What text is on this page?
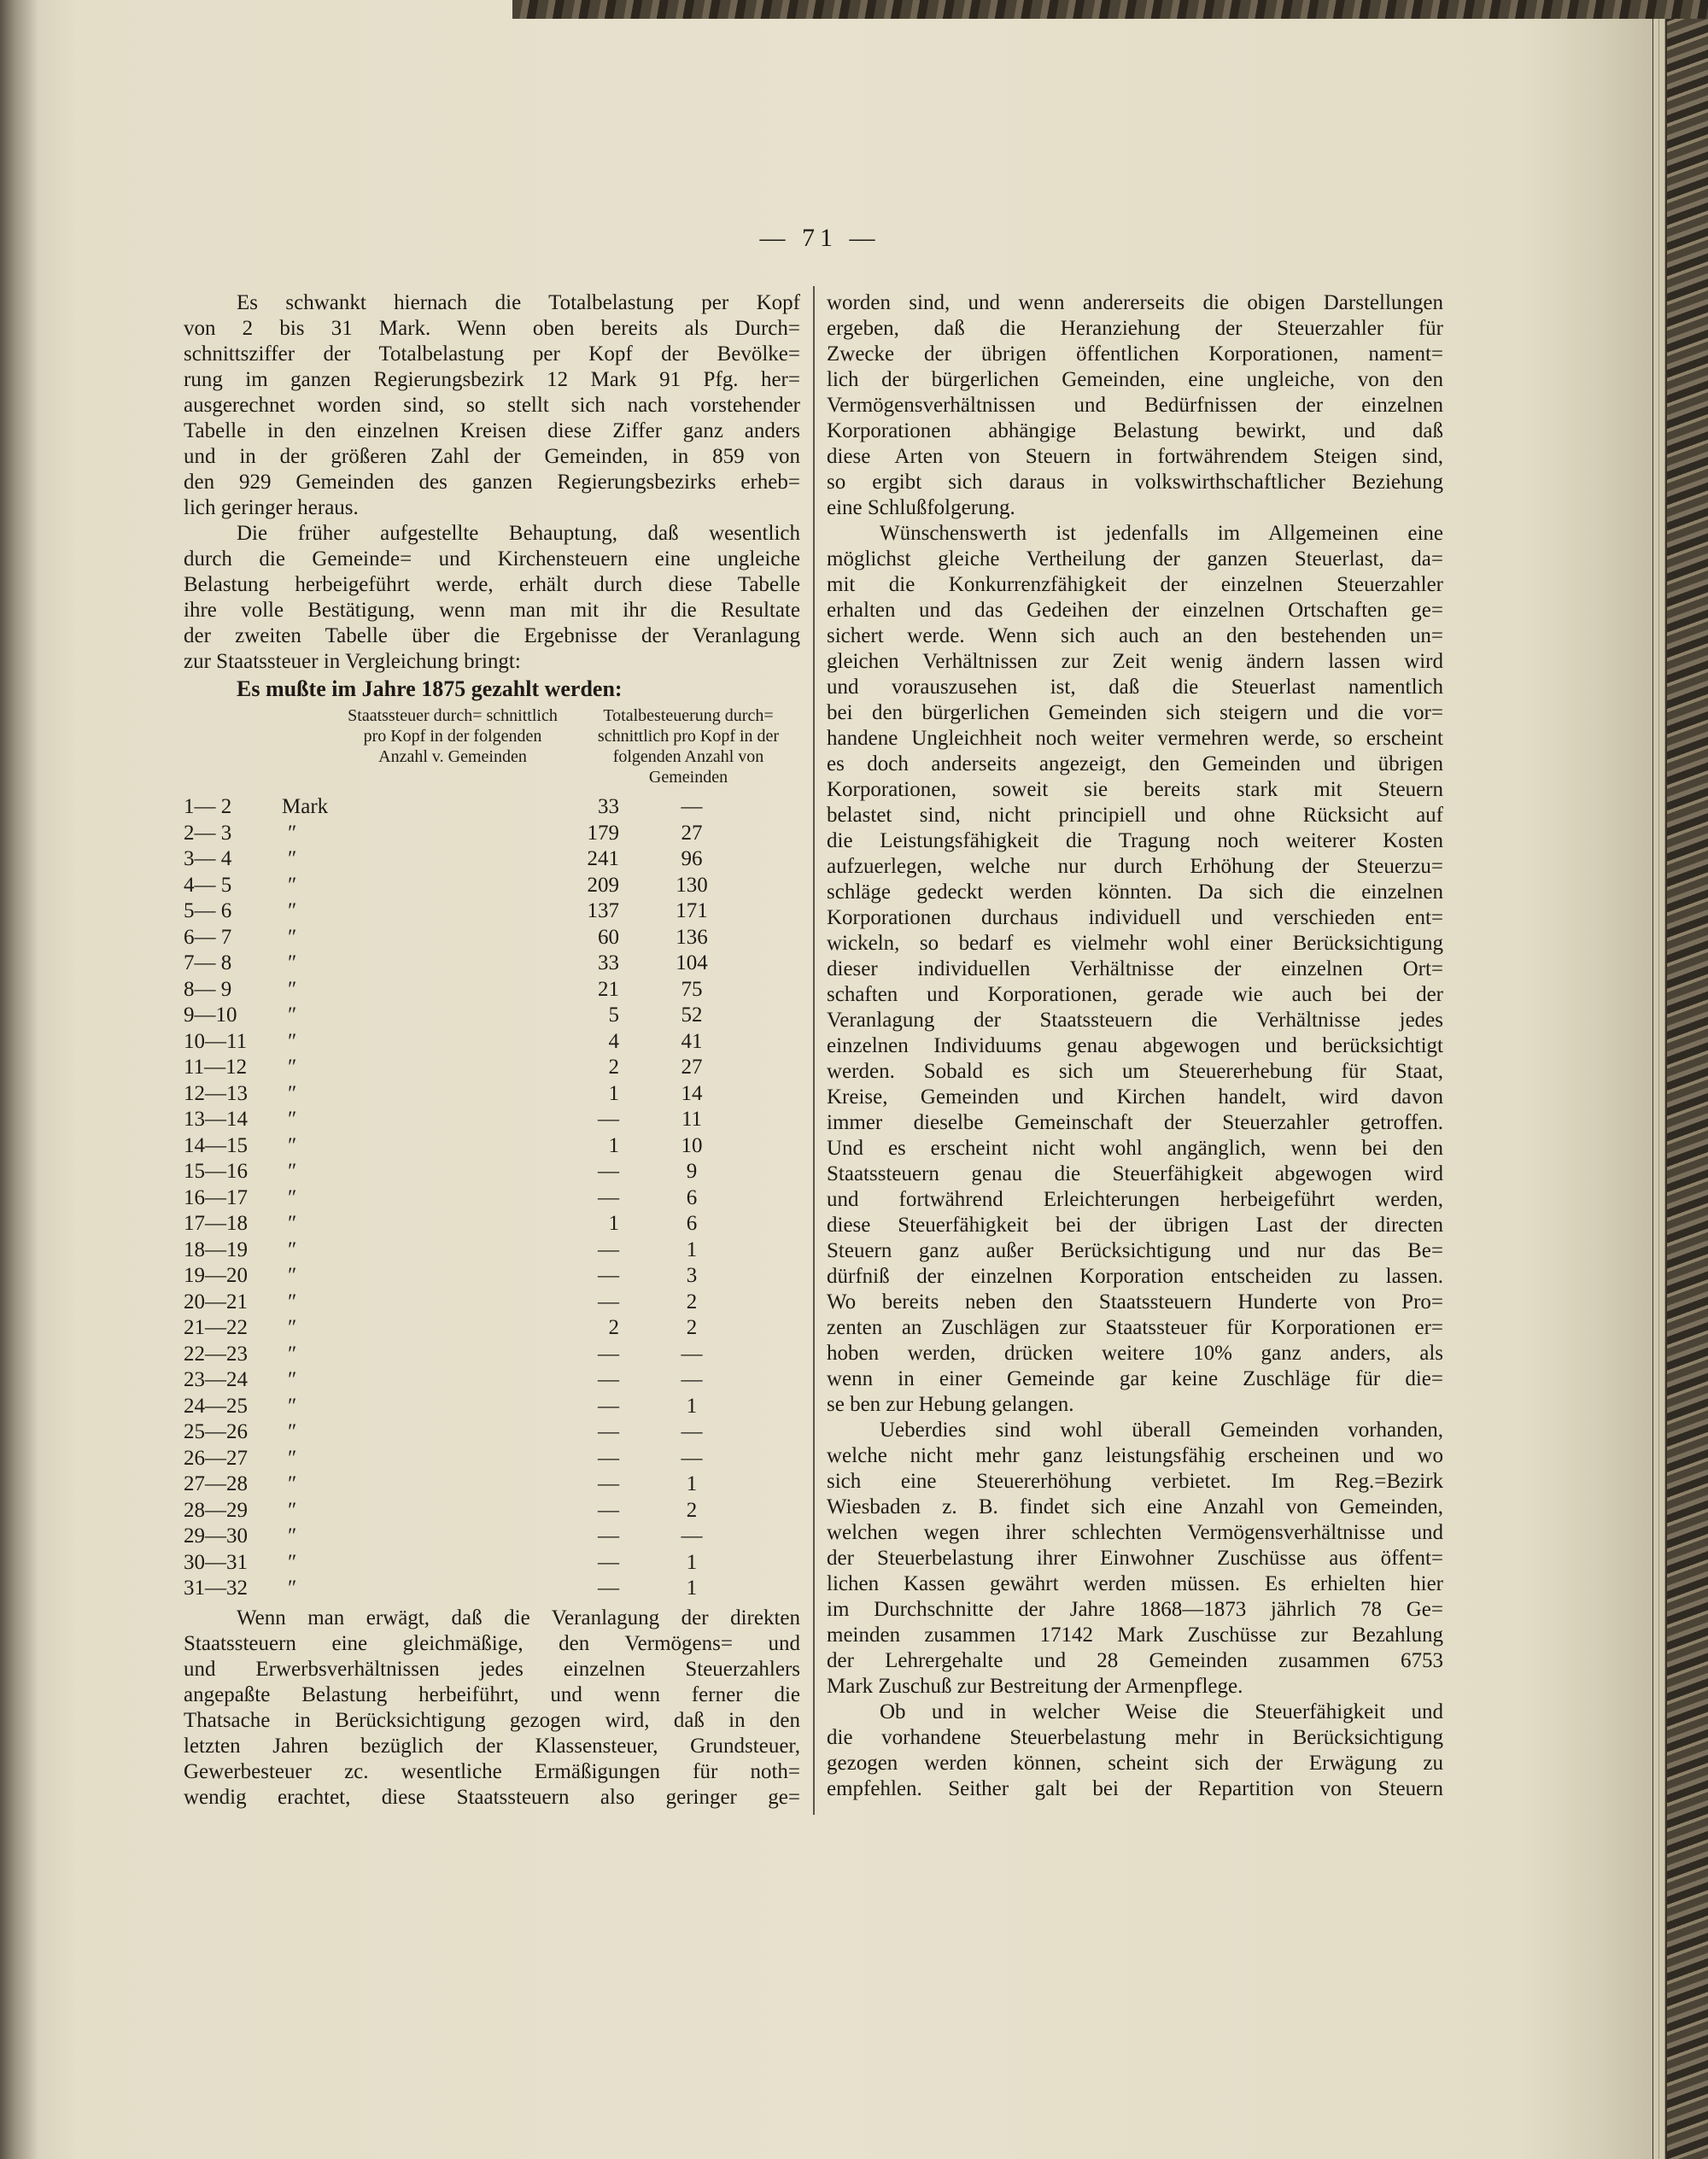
— 71 —
Es schwankt hiernach die Totalbelastung per Kopf
von 2 bis 31 Mark. Wenn oben bereits als Durch=
schnittsziffer der Totalbelastung per Kopf der Bevölke=
rung im ganzen Regierungsbezirk 12 Mark 91 Pfg. her=
ausgerechnet worden sind, so stellt sich nach vorstehender
Tabelle in den einzelnen Kreisen diese Ziffer ganz anders
und in der größeren Zahl der Gemeinden, in 859 von
den 929 Gemeinden des ganzen Regierungsbezirks erheb=
lich geringer heraus.
Die früher aufgestellte Behauptung, daß wesentlich
durch die Gemeinde= und Kirchensteuern eine ungleiche
Belastung herbeigeführt werde, erhält durch diese Tabelle
ihre volle Bestätigung, wenn man mit ihr die Resultate
der zweiten Tabelle über die Ergebnisse der Veranlagung
zur Staatssteuer in Vergleichung bringt:
Es mußte im Jahre 1875 gezahlt werden:
Staatssteuer durch= schnittlich pro Kopf in der folgenden Anzahl v. Gemeinden
Totalbesteuerung durch= schnittlich pro Kopf in der folgenden Anzahl von Gemeinden
1— 2	Mark	33	—
2— 3	″	179	27
3— 4	″	241	96
4— 5	″	209	130
5— 6	″	137	171
6— 7	″	60	136
7— 8	″	33	104
8— 9	″	21	75
9—10	″	5	52
10—11	″	4	41
11—12	″	2	27
12—13	″	1	14
13—14	″	—	11
14—15	″	1	10
15—16	″	—	9
16—17	″	—	6
17—18	″	1	6
18—19	″	—	1
19—20	″	—	3
20—21	″	—	2
21—22	″	2	2
22—23	″	—	—
23—24	″	—	—
24—25	″	—	1
25—26	″	—	—
26—27	″	—	—
27—28	″	—	1
28—29	″	—	2
29—30	″	—	—
30—31	″	—	1
31—32	″	—	1
Wenn man erwägt, daß die Veranlagung der direkten
Staatssteuern eine gleichmäßige, den Vermögens= und
und Erwerbsverhältnissen jedes einzelnen Steuerzahlers
angepaßte Belastung herbeiführt, und wenn ferner die
Thatsache in Berücksichtigung gezogen wird, daß in den
letzten Jahren bezüglich der Klassensteuer, Grundsteuer,
Gewerbesteuer zc. wesentliche Ermäßigungen für noth=
wendig erachtet, diese Staatssteuern also geringer ge=
worden sind, und wenn andererseits die obigen Darstellungen
ergeben, daß die Heranziehung der Steuerzahler für
Zwecke der übrigen öffentlichen Korporationen, nament=
lich der bürgerlichen Gemeinden, eine ungleiche, von den
Vermögensverhältnissen und Bedürfnissen der einzelnen
Korporationen abhängige Belastung bewirkt, und daß
diese Arten von Steuern in fortwährendem Steigen sind,
so ergibt sich daraus in volkswirthschaftlicher Beziehung
eine Schlußfolgerung.
Wünschenswerth ist jedenfalls im Allgemeinen eine
möglichst gleiche Vertheilung der ganzen Steuerlast, da=
mit die Konkurrenzfähigkeit der einzelnen Steuerzahler
erhalten und das Gedeihen der einzelnen Ortschaften ge=
sichert werde. Wenn sich auch an den bestehenden un=
gleichen Verhältnissen zur Zeit wenig ändern lassen wird
und vorauszusehen ist, daß die Steuerlast namentlich
bei den bürgerlichen Gemeinden sich steigern und die vor=
handene Ungleichheit noch weiter vermehren werde, so erscheint
es doch anderseits angezeigt, den Gemeinden und übrigen
Korporationen, soweit sie bereits stark mit Steuern
belastet sind, nicht principiell und ohne Rücksicht auf
die Leistungsfähigkeit die Tragung noch weiterer Kosten
aufzuerlegen, welche nur durch Erhöhung der Steuerzu=
schläge gedeckt werden könnten. Da sich die einzelnen
Korporationen durchaus individuell und verschieden ent=
wickeln, so bedarf es vielmehr wohl einer Berücksichtigung
dieser individuellen Verhältnisse der einzelnen Ort=
schaften und Korporationen, gerade wie auch bei der
Veranlagung der Staatssteuern die Verhältnisse jedes
einzelnen Individuums genau abgewogen und berücksichtigt
werden. Sobald es sich um Steuererhebung für Staat,
Kreise, Gemeinden und Kirchen handelt, wird davon
immer dieselbe Gemeinschaft der Steuerzahler getroffen.
Und es erscheint nicht wohl angänglich, wenn bei den
Staatssteuern genau die Steuerfähigkeit abgewogen wird
und fortwährend Erleichterungen herbeigeführt werden,
diese Steuerfähigkeit bei der übrigen Last der directen
Steuern ganz außer Berücksichtigung und nur das Be=
dürfniß der einzelnen Korporation entscheiden zu lassen.
Wo bereits neben den Staatssteuern Hunderte von Pro=
zenten an Zuschlägen zur Staatssteuer für Korporationen er=
hoben werden, drücken weitere 10% ganz anders, als
wenn in einer Gemeinde gar keine Zuschläge für die=
se ben zur Hebung gelangen.
Ueberdies sind wohl überall Gemeinden vorhanden,
welche nicht mehr ganz leistungsfähig erscheinen und wo
sich eine Steuererhöhung verbietet. Im Reg.=Bezirk
Wiesbaden z. B. findet sich eine Anzahl von Gemeinden,
welchen wegen ihrer schlechten Vermögensverhältnisse und
der Steuerbelastung ihrer Einwohner Zuschüsse aus öffent=
lichen Kassen gewährt werden müssen. Es erhielten hier
im Durchschnitte der Jahre 1868—1873 jährlich 78 Ge=
meinden zusammen 17142 Mark Zuschüsse zur Bezahlung
der Lehrergehalte und 28 Gemeinden zusammen 6753
Mark Zuschuß zur Bestreitung der Armenpflege.
Ob und in welcher Weise die Steuerfähigkeit und
die vorhandene Steuerbelastung mehr in Berücksichtigung
gezogen werden können, scheint sich der Erwägung zu
empfehlen. Seither galt bei der Repartition von Steuern
